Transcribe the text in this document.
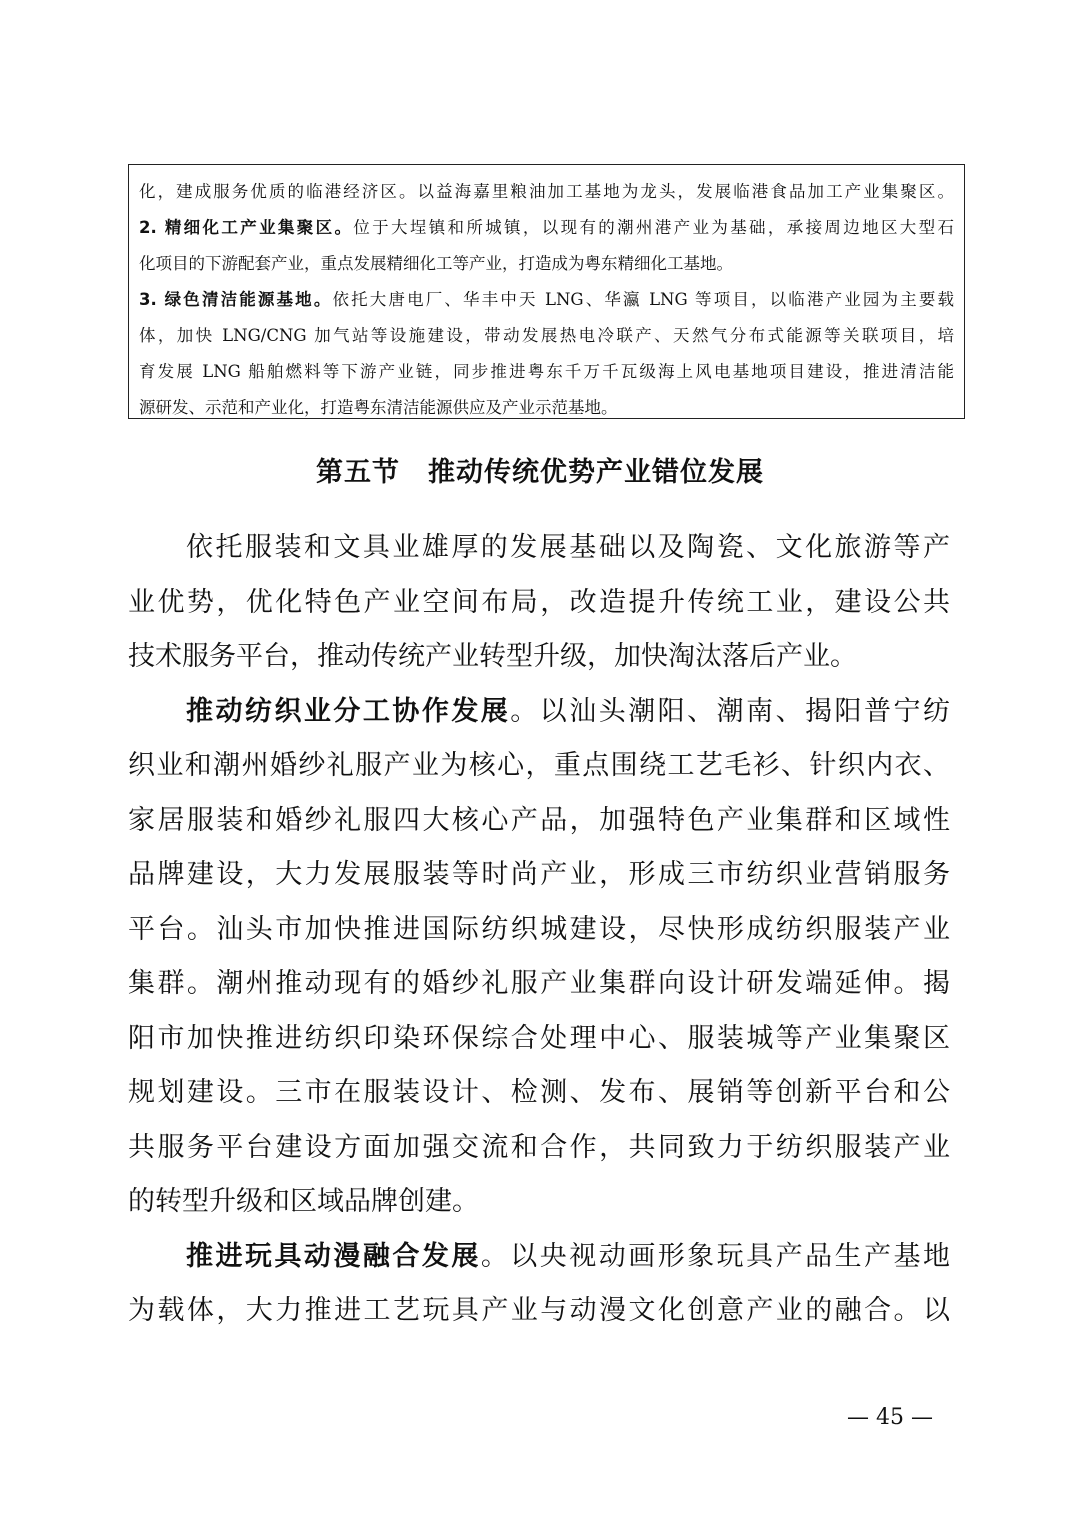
化，建成服务优质的临港经济区。以益海嘉里粮油加工基地为龙头，发展临港食品加工产业集聚区。

2. 精细化工产业集聚区。位于大埕镇和所城镇，以现有的潮州港产业为基础，承接周边地区大型石

化项目的下游配套产业，重点发展精细化工等产业，打造成为粤东精细化工基地。

3. 绿色清洁能源基地。依托大唐电厂、华丰中天 LNG、华瀛 LNG 等项目，以临港产业园为主要载

体，加快 LNG/CNG 加气站等设施建设，带动发展热电冷联产、天然气分布式能源等关联项目，培

育发展 LNG 船舶燃料等下游产业链，同步推进粤东千万千瓦级海上风电基地项目建设，推进清洁能

源研发、示范和产业化，打造粤东清洁能源供应及产业示范基地。

第五节　推动传统优势产业错位发展

依托服装和文具业雄厚的发展基础以及陶瓷、文化旅游等产

业优势，优化特色产业空间布局，改造提升传统工业，建设公共

技术服务平台，推动传统产业转型升级，加快淘汰落后产业。

推动纺织业分工协作发展。以汕头潮阳、潮南、揭阳普宁纺

织业和潮州婚纱礼服产业为核心，重点围绕工艺毛衫、针织内衣、

家居服装和婚纱礼服四大核心产品，加强特色产业集群和区域性

品牌建设，大力发展服装等时尚产业，形成三市纺织业营销服务

平台。汕头市加快推进国际纺织城建设，尽快形成纺织服装产业

集群。潮州推动现有的婚纱礼服产业集群向设计研发端延伸。揭

阳市加快推进纺织印染环保综合处理中心、服装城等产业集聚区

规划建设。三市在服装设计、检测、发布、展销等创新平台和公

共服务平台建设方面加强交流和合作，共同致力于纺织服装产业

的转型升级和区域品牌创建。

推进玩具动漫融合发展。以央视动画形象玩具产品生产基地

为载体，大力推进工艺玩具产业与动漫文化创意产业的融合。以

— 45 —
